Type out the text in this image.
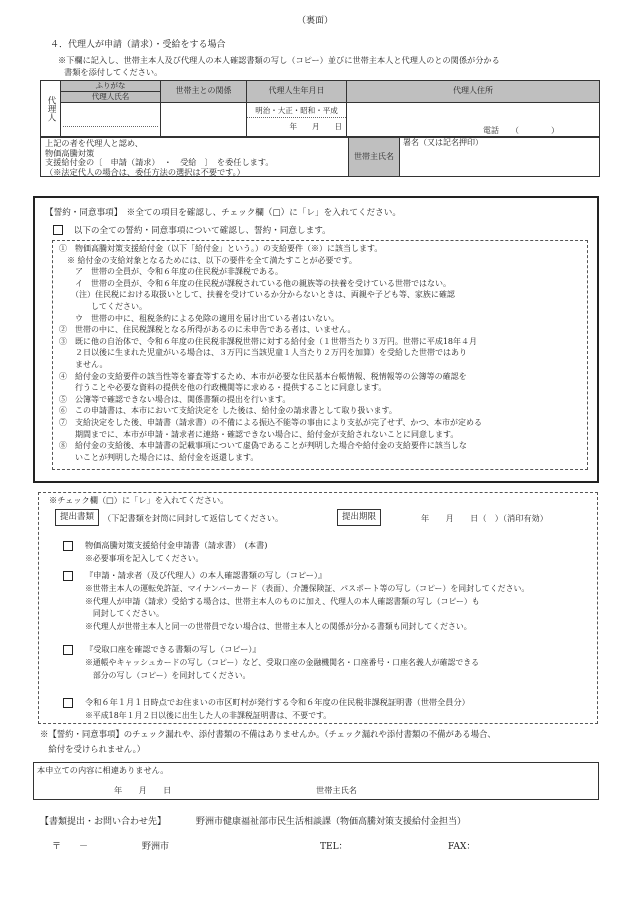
（裏面）
４．代理人が申請（請求）・受給をする場合
※下欄に記入し、世帯主本人及び代理人の本人確認書類の写し（コピー）並びに世帯主本人と代理人のとの関係が分かる
書類を添付してください。
代理人	ふりがな	世帯主との関係	代理人生年月日	代理人住所
	代理人氏名			

			明治・大正・昭和・平成
年　　月　　日	電話　　（　　　　）
上記の者を代理人と認め、
物価高騰対策
支援給付金の〔　申請（請求）　・　受給　〕　を委任します。
（※法定代人の場合は、委任方法の選択は不要です。）
世帯主氏名
署名（又は記名押印）
【誓約・同意事項】　※全ての項目を確認し、チェック欄（□）に「レ」を入れてください。
以下の全ての誓約・同意事項について確認し、誓約・同意します。
①　物価高騰対策支援給付金（以下「給付金」という。）の支給要件（※）に該当します。
　※ 給付金の支給対象となるためには、以下の要件を全て満たすことが必要です。
　　ア　世帯の全員が、令和６年度の住民税が非課税である。
　　イ　世帯の全員が、令和６年度の住民税が課税されている他の親族等の扶養を受けている世帯ではない。
　　（注）住民税における取扱いとして、扶養を受けているか分からないときは、両親や子ども等、家族に確認
　　　　してください。
　　ウ　世帯の中に、租税条約による免除の適用を届け出ている者はいない。
②　世帯の中に、住民税課税となる所得があるのに未申告である者は、いません。
③　既に他の自治体で、令和６年度の住民税非課税世帯に対する給付金（１世帯当たり３万円。世帯に平成18年４月
　　２日以後に生まれた児童がいる場合は、３万円に当該児童１人当たり２万円を加算）を受給した世帯ではあり
　　ません。
④　給付金の支給要件の該当性等を審査等するため、本市が必要な住民基本台帳情報、税情報等の公簿等の確認を
　　行うことや必要な資料の提供を他の行政機関等に求める・提供することに同意します。
⑤　公簿等で確認できない場合は、関係書類の提出を行います。
⑥　この申請書は、本市において支給決定を した後は、給付金の請求書として取り扱います。
⑦　支給決定をした後、申請書（請求書）の不備による振込不能等の事由により支払が完了せず、かつ、本市が定める
　　期間までに、本市が申請・請求者に連絡・確認できない場合に、給付金が支給されないことに同意します。
⑧　給付金の支給後、本申請書の記載事項について虚偽であることが判明した場合や給付金の支給要件に該当しな
　　いことが判明した場合には、給付金を返還します。
※チェック欄（□）に「レ」を入れてください。
提出書類	（下記書類を封筒に同封して返信してください。	提出期限	年　　月　　日（　）（消印有効）
物価高騰対策支援給付金申請書（請求書）　(本書)
※必要事項を記入してください。
『申請・請求者（及び代理人）の本人確認書類の写し（コピー）』
※世帯主本人の運転免許証、マイナンバーカード（表面）、介護保険証、パスポート等の写し（コピー）を同封してください。
※代理人が申請（請求）受給する場合は、世帯主本人のものに加え、代理人の本人確認書類の写し（コピー）も
　同封してください。
※代理人が世帯主本人と同一の世帯員でない場合は、世帯主本人との関係が分かる書類も同封してください。
『受取口座を確認できる書類の写し（コピー）』
※通帳やキャッシュカードの写し（コピー）など、受取口座の金融機関名・口座番号・口座名義人が確認できる
　部分の写し（コピー）を同封してください。
令和６年１月１日時点でお住まいの市区町村が発行する令和６年度の住民税非課税証明書（世帯全員分）
※平成18年１月２日以後に出生した人の非課税証明書は、不要です。
※【誓約・同意事項】のチェック漏れや、添付書類の不備はありませんか。（チェック漏れや添付書類の不備がある場合、
　給付を受けられません。）
本申立ての内容に相違ありません。
年　　月　　日	世帯主氏名
【書類提出・お問い合わせ先】	野洲市健康福祉部市民生活相談課（物価高騰対策支援給付金担当）
〒　　－	野洲市	TEL：	FAX：
